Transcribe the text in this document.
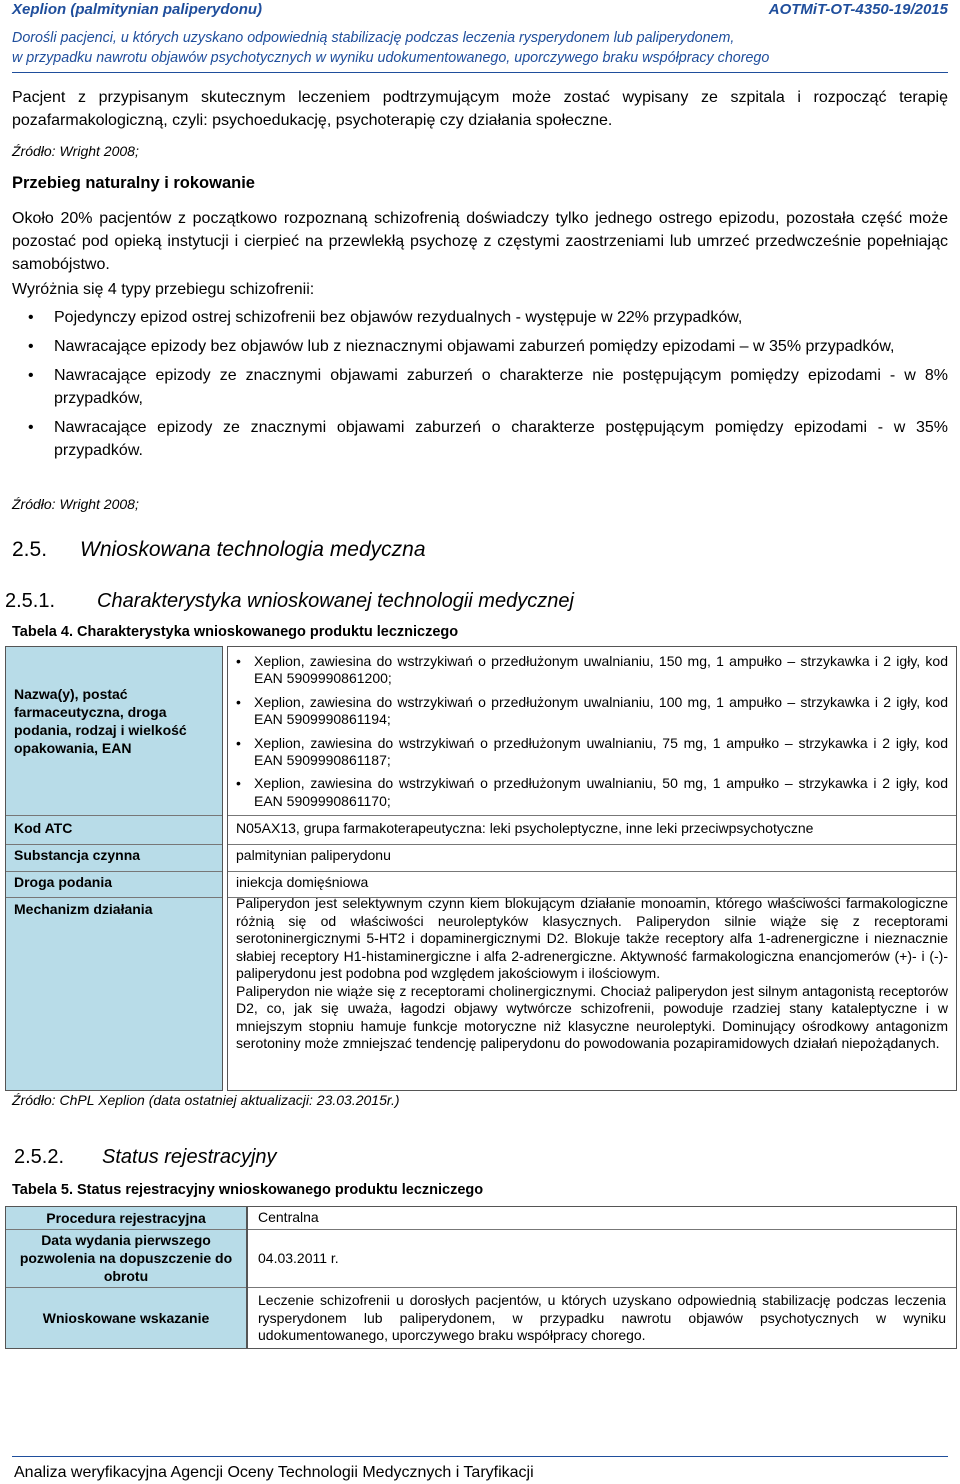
Xeplion (palmitynian paliperydonu)	AOTMiT-OT-4350-19/2015
Dorośli pacjenci, u których uzyskano odpowiednią stabilizację podczas leczenia rysperydonem lub paliperydonem,
w przypadku nawrotu objawów psychotycznych w wyniku udokumentowanego, uporczywego braku współpracy chorego
Pacjent z przypisanym skutecznym leczeniem podtrzymującym może zostać wypisany ze szpitala i rozpocząć terapię pozafarmakologiczną, czyli: psychoedukację, psychoterapię czy działania społeczne.
Źródło: Wright 2008;
Przebieg naturalny i rokowanie
Około 20% pacjentów z początkowo rozpoznaną schizofrenią doświadczy tylko jednego ostrego epizodu, pozostała część może pozostać pod opieką instytucji i cierpieć na przewlekłą psychozę z częstymi zaostrzeniami lub umrzeć przedwcześnie popełniając samobójstwo.
Wyróżnia się 4 typy przebiegu schizofrenii:
• Pojedynczy epizod ostrej schizofrenii bez objawów rezydualnych - występuje w 22% przypadków,
• Nawracające epizody bez objawów lub z nieznacznymi objawami zaburzeń pomiędzy epizodami – w 35% przypadków,
• Nawracające epizody ze znacznymi objawami zaburzeń o charakterze nie postępującym pomiędzy epizodami - w 8% przypadków,
• Nawracające epizody ze znacznymi objawami zaburzeń o charakterze postępującym pomiędzy epizodami - w 35% przypadków.
Źródło: Wright 2008;
2.5. Wnioskowana technologia medyczna
2.5.1. Charakterystyka wnioskowanej technologii medycznej
Tabela 4. Charakterystyka wnioskowanego produktu leczniczego
Nazwa(y), postać farmaceutyczna, droga podania, rodzaj i wielkość opakowania, EAN
Kod ATC
Substancja czynna
Droga podania
Mechanizm działania
• Xeplion, zawiesina do wstrzykiwań o przedłużonym uwalnianiu, 150 mg, 1 ampułko – strzykawka i 2 igły, kod EAN 5909990861200;
• Xeplion, zawiesina do wstrzykiwań o przedłużonym uwalnianiu, 100 mg, 1 ampułko – strzykawka i 2 igły, kod EAN 5909990861194;
• Xeplion, zawiesina do wstrzykiwań o przedłużonym uwalnianiu, 75 mg, 1 ampułko – strzykawka i 2 igły, kod EAN 5909990861187;
• Xeplion, zawiesina do wstrzykiwań o przedłużonym uwalnianiu, 50 mg, 1 ampułko – strzykawka i 2 igły, kod EAN 5909990861170;
N05AX13, grupa farmakoterapeutyczna: leki psycholeptyczne, inne leki przeciwpsychotyczne
palmitynian paliperydonu
iniekcja domięśniowa
Paliperydon jest selektywnym czynn kiem blokującym działanie monoamin, którego właściwości farmakologiczne różnią się od właściwości neuroleptyków klasycznych. Paliperydon silnie wiąże się z receptorami serotoninergicznymi 5-HT2 i dopaminergicznymi D2. Blokuje także receptory alfa 1-adrenergiczne i nieznacznie słabiej receptory H1-histaminergiczne i alfa 2-adrenergiczne. Aktywność farmakologiczna enancjomerów (+)- i (-)-paliperydonu jest podobna pod względem jakościowym i ilościowym.
Paliperydon nie wiąże się z receptorami cholinergicznymi. Chociaż paliperydon jest silnym antagonistą receptorów D2, co, jak się uważa, łagodzi objawy wytwórcze schizofrenii, powoduje rzadziej stany kataleptyczne i w mniejszym stopniu hamuje funkcje motoryczne niż klasyczne neuroleptyki. Dominujący ośrodkowy antagonizm serotoniny może zmniejszać tendencję paliperydonu do powodowania pozapiramidowych działań niepożądanych.
Źródło: ChPL Xeplion (data ostatniej aktualizacji: 23.03.2015r.)
2.5.2. Status rejestracyjny
Tabela 5. Status rejestracyjny wnioskowanego produktu leczniczego
Procedura rejestracyjna
Data wydania pierwszego pozwolenia na dopuszczenie do obrotu
Wnioskowane wskazanie
Centralna
04.03.2011 r.
Leczenie schizofrenii u dorosłych pacjentów, u których uzyskano odpowiednią stabilizację podczas leczenia rysperydonem lub paliperydonem, w przypadku nawrotu objawów psychotycznych w wyniku udokumentowanego, uporczywego braku współpracy chorego.
Analiza weryfikacyjna Agencji Oceny Technologii Medycznych i Taryfikacji
